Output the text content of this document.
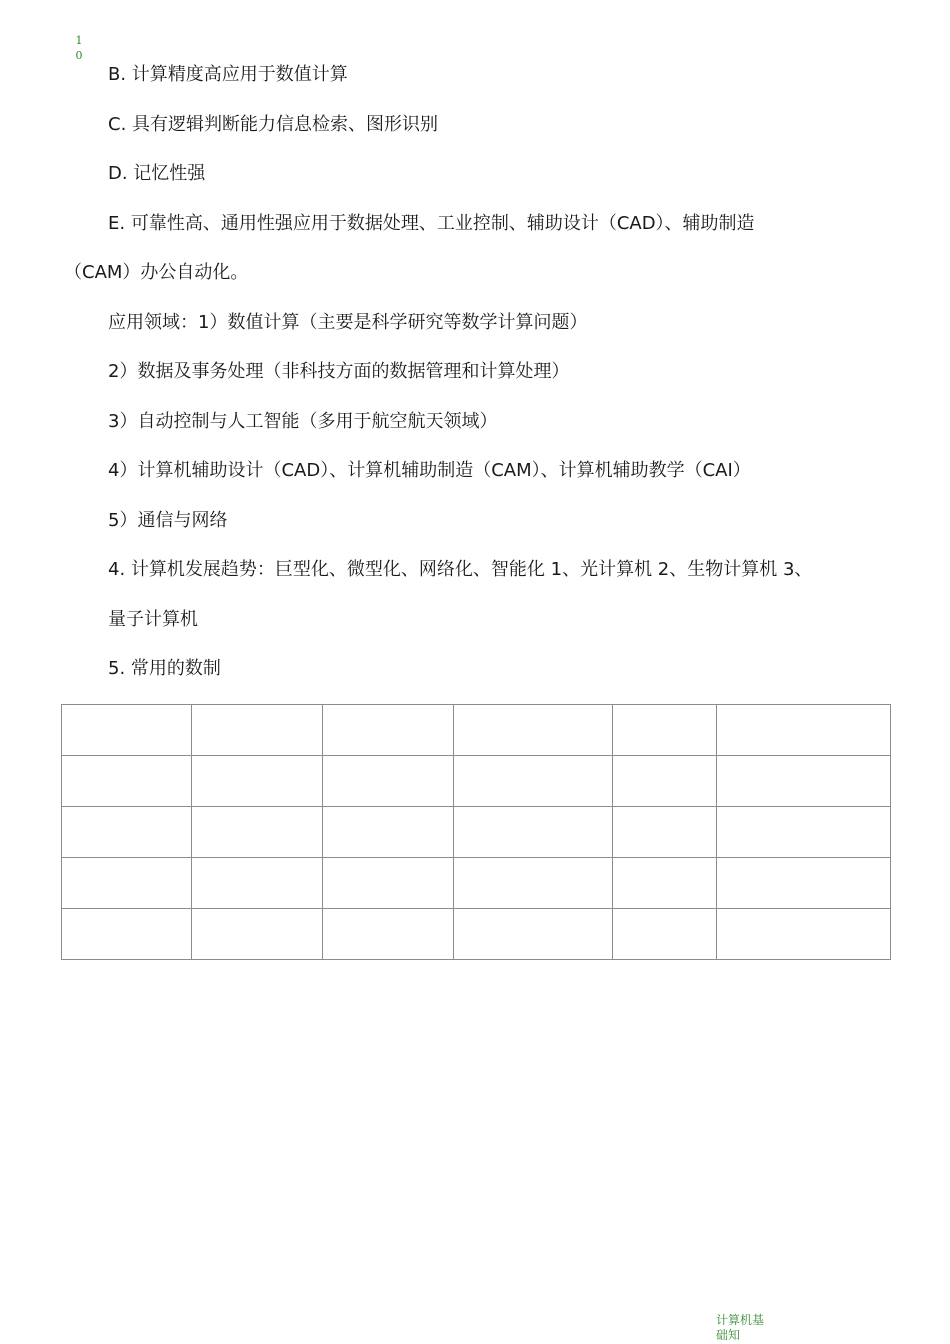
10
B. 计算精度高应用于数值计算
C. 具有逻辑判断能力信息检索、图形识别
D. 记忆性强
E. 可靠性高、通用性强应用于数据处理、工业控制、辅助设计（CAD）、辅助制造
（CAM）办公自动化。
应用领域：1）数值计算（主要是科学研究等数学计算问题）
2）数据及事务处理（非科技方面的数据管理和计算处理）
3）自动控制与人工智能（多用于航空航天领域）
4）计算机辅助设计（CAD）、计算机辅助制造（CAM）、计算机辅助教学（CAI）
5）通信与网络
4. 计算机发展趋势：巨型化、微型化、网络化、智能化 1、光计算机 2、生物计算机 3、
量子计算机
5. 常用的数制

计算机基础知
